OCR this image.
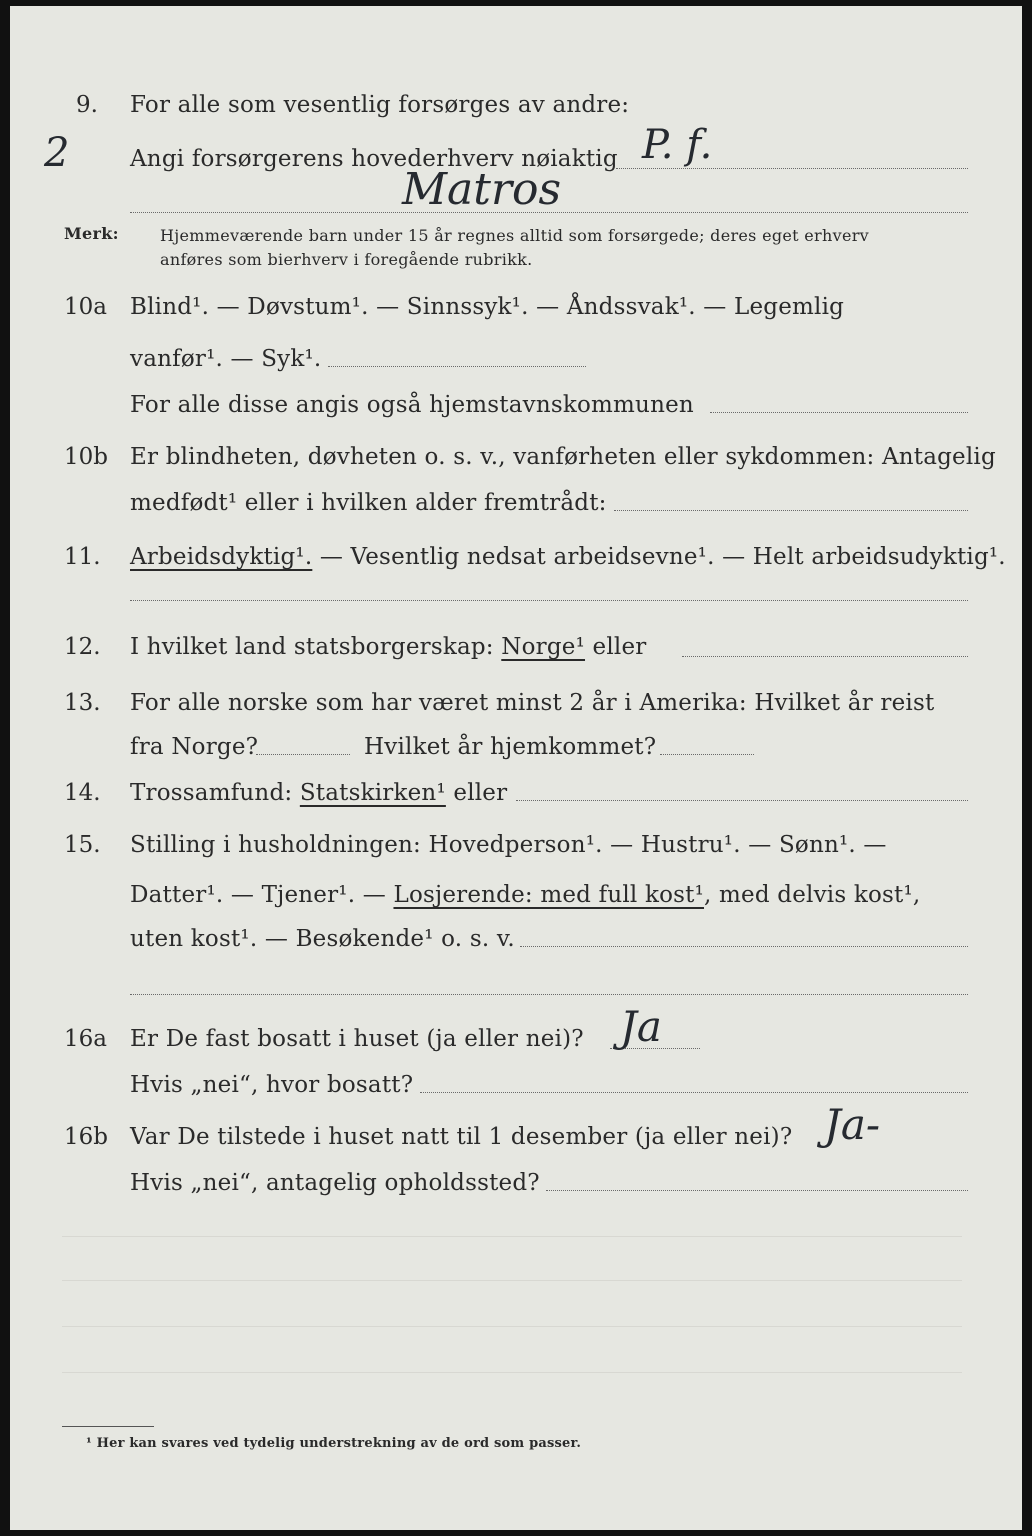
9. For alle som vesentlig forsørges av andre:
2	Angi forsørgerens hovederhverv nøiaktig P. f.
Matros
Merk:	Hjemmeværende barn under 15 år regnes alltid som forsørgede; deres eget erhverv
anføres som bierhverv i foregående rubrikk.
10a Blind¹. — Døvstum¹. — Sinnssyk¹. — Åndssvak¹. — Legemlig
vanfør¹. — Syk¹.
For alle disse angis også hjemstavnskommunen
10b Er blindheten, døvheten o. s. v., vanførheten eller sykdommen: Antagelig
medfødt¹ eller i hvilken alder fremtrådt:
11. Arbeidsdyktig¹. — Vesentlig nedsat arbeidsevne¹. — Helt arbeidsudyktig¹.
12. I hvilket land statsborgerskap: Norge¹ eller
13. For alle norske som har været minst 2 år i Amerika: Hvilket år reist
fra Norge?	Hvilket år hjemkommet?
14. Trossamfund: Statskirken¹ eller
15. Stilling i husholdningen: Hovedperson¹. — Hustru¹. — Sønn¹. —
Datter¹. — Tjener¹. — Losjerende: med full kost¹, med delvis kost¹,
uten kost¹. — Besøkende¹ o. s. v.
16a Er De fast bosatt i huset (ja eller nei)? Ja
Hvis „nei“, hvor bosatt?
16b Var De tilstede i huset natt til 1 desember (ja eller nei)? Ja-
Hvis „nei“, antagelig opholdssted?
¹ Her kan svares ved tydelig understrekning av de ord som passer.
